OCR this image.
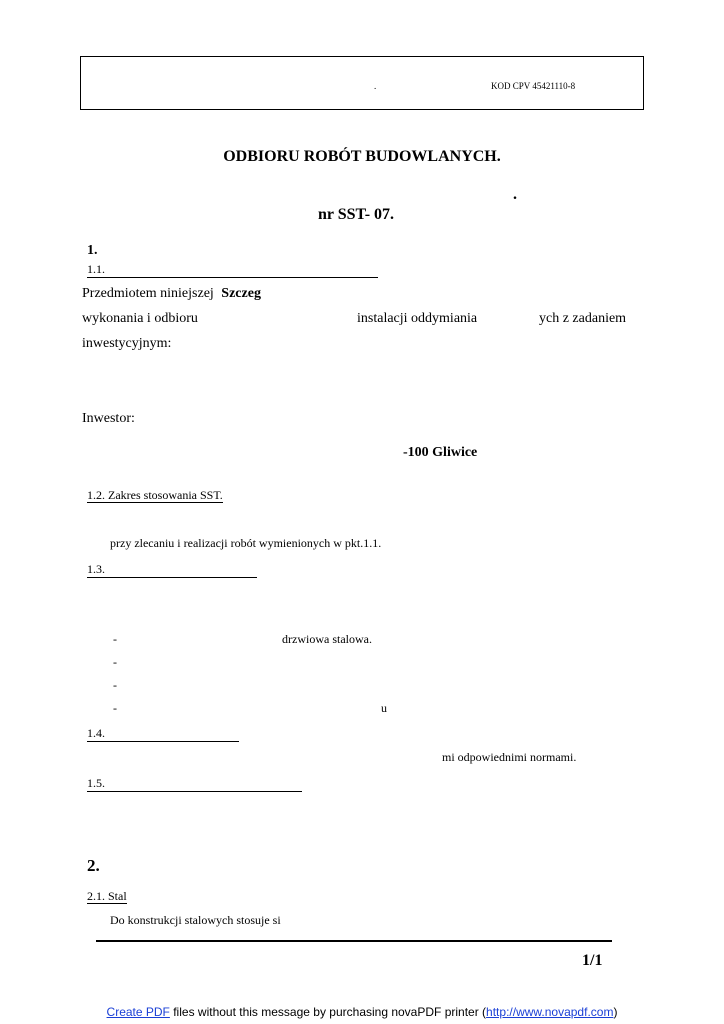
.	KOD CPV 45421110-8
ODBIORU ROBÓT BUDOWLANYCH.
.
nr SST- 07.
1.
1.1.
Przedmiotem niniejszej Szczeg
wykonania i odbioru	instalacji oddymiania	ych z zadaniem
inwestycyjnym:
Inwestor:
-100 Gliwice
1.2. Zakres stosowania SST.
przy zlecaniu i realizacji robót wymienionych w pkt.1.1.
1.3.
-	drzwiowa stalowa.
-
-
-	u
1.4.
mi odpowiednimi normami.
1.5.
2.
2.1. Stal
Do konstrukcji stalowych stosuje si
1/1
Create PDF files without this message by purchasing novaPDF printer (http://www.novapdf.com)
